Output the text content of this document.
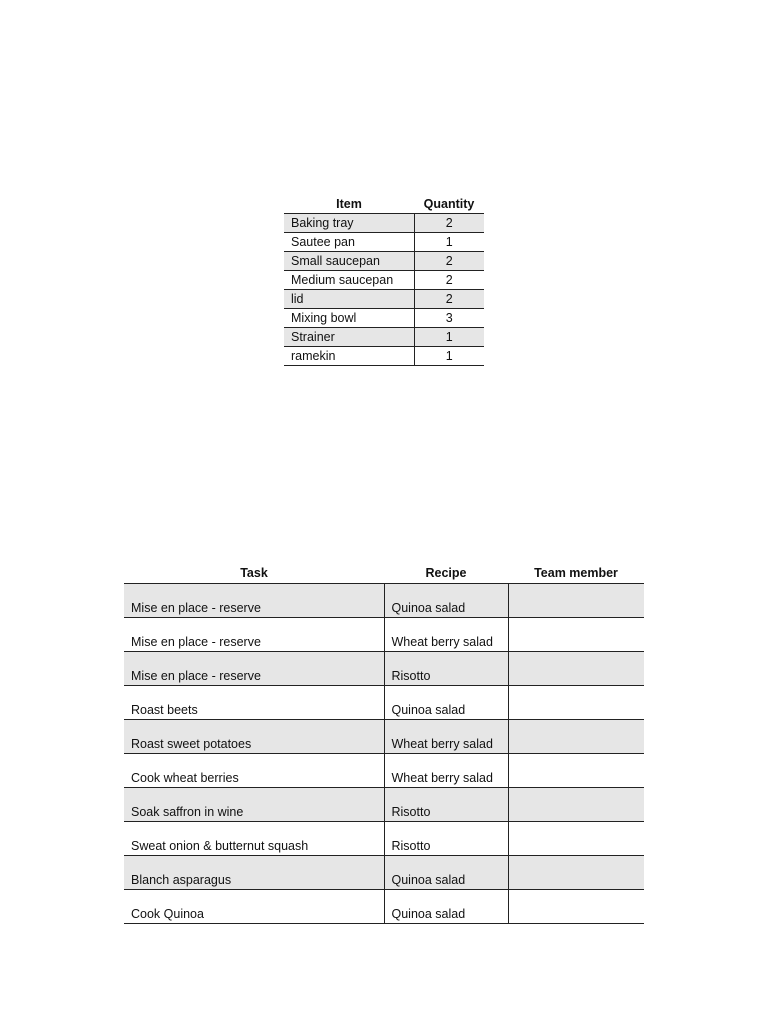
Item	Quantity
Baking tray	2
Sautee pan	1
Small saucepan	2
Medium saucepan	2
lid	2
Mixing bowl	3
Strainer	1
ramekin	1
Task	Recipe	Team member
Mise en place - reserve	Quinoa salad	
Mise en place - reserve	Wheat berry salad	
Mise en place - reserve	Risotto	
Roast beets	Quinoa salad	
Roast sweet potatoes	Wheat berry salad	
Cook wheat berries	Wheat berry salad	
Soak saffron in wine	Risotto	
Sweat onion & butternut squash	Risotto	
Blanch asparagus	Quinoa salad	
Cook Quinoa	Quinoa salad	
